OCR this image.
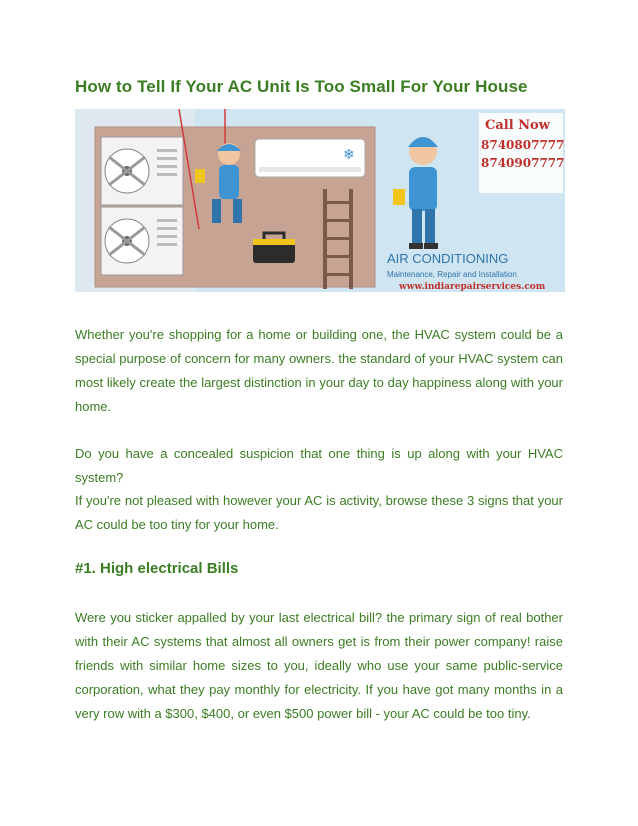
How to Tell If Your AC Unit Is Too Small For Your House
❄
Call Now
8740807777
8740907777
AIR CONDITIONING
Maintenance, Repair and Installation
www.indiarepairservices.com

Whether you're shopping for a home or building one, the HVAC system could be a special purpose of concern for many owners. the standard of your HVAC system can most likely create the largest distinction in your day to day happiness along with your home.

Do you have a concealed suspicion that one thing is up along with your HVAC system?

If you're not pleased with however your AC is activity, browse these 3 signs that your AC could be too tiny for your home.

#1. High electrical Bills

Were you sticker appalled by your last electrical bill? the primary sign of real bother with their AC systems that almost all owners get is from their power company! raise friends with similar home sizes to you, ideally who use your same public-service corporation, what they pay monthly for electricity. If you have got many months in a very row with a $300, $400, or even $500 power bill - your AC could be too tiny.
